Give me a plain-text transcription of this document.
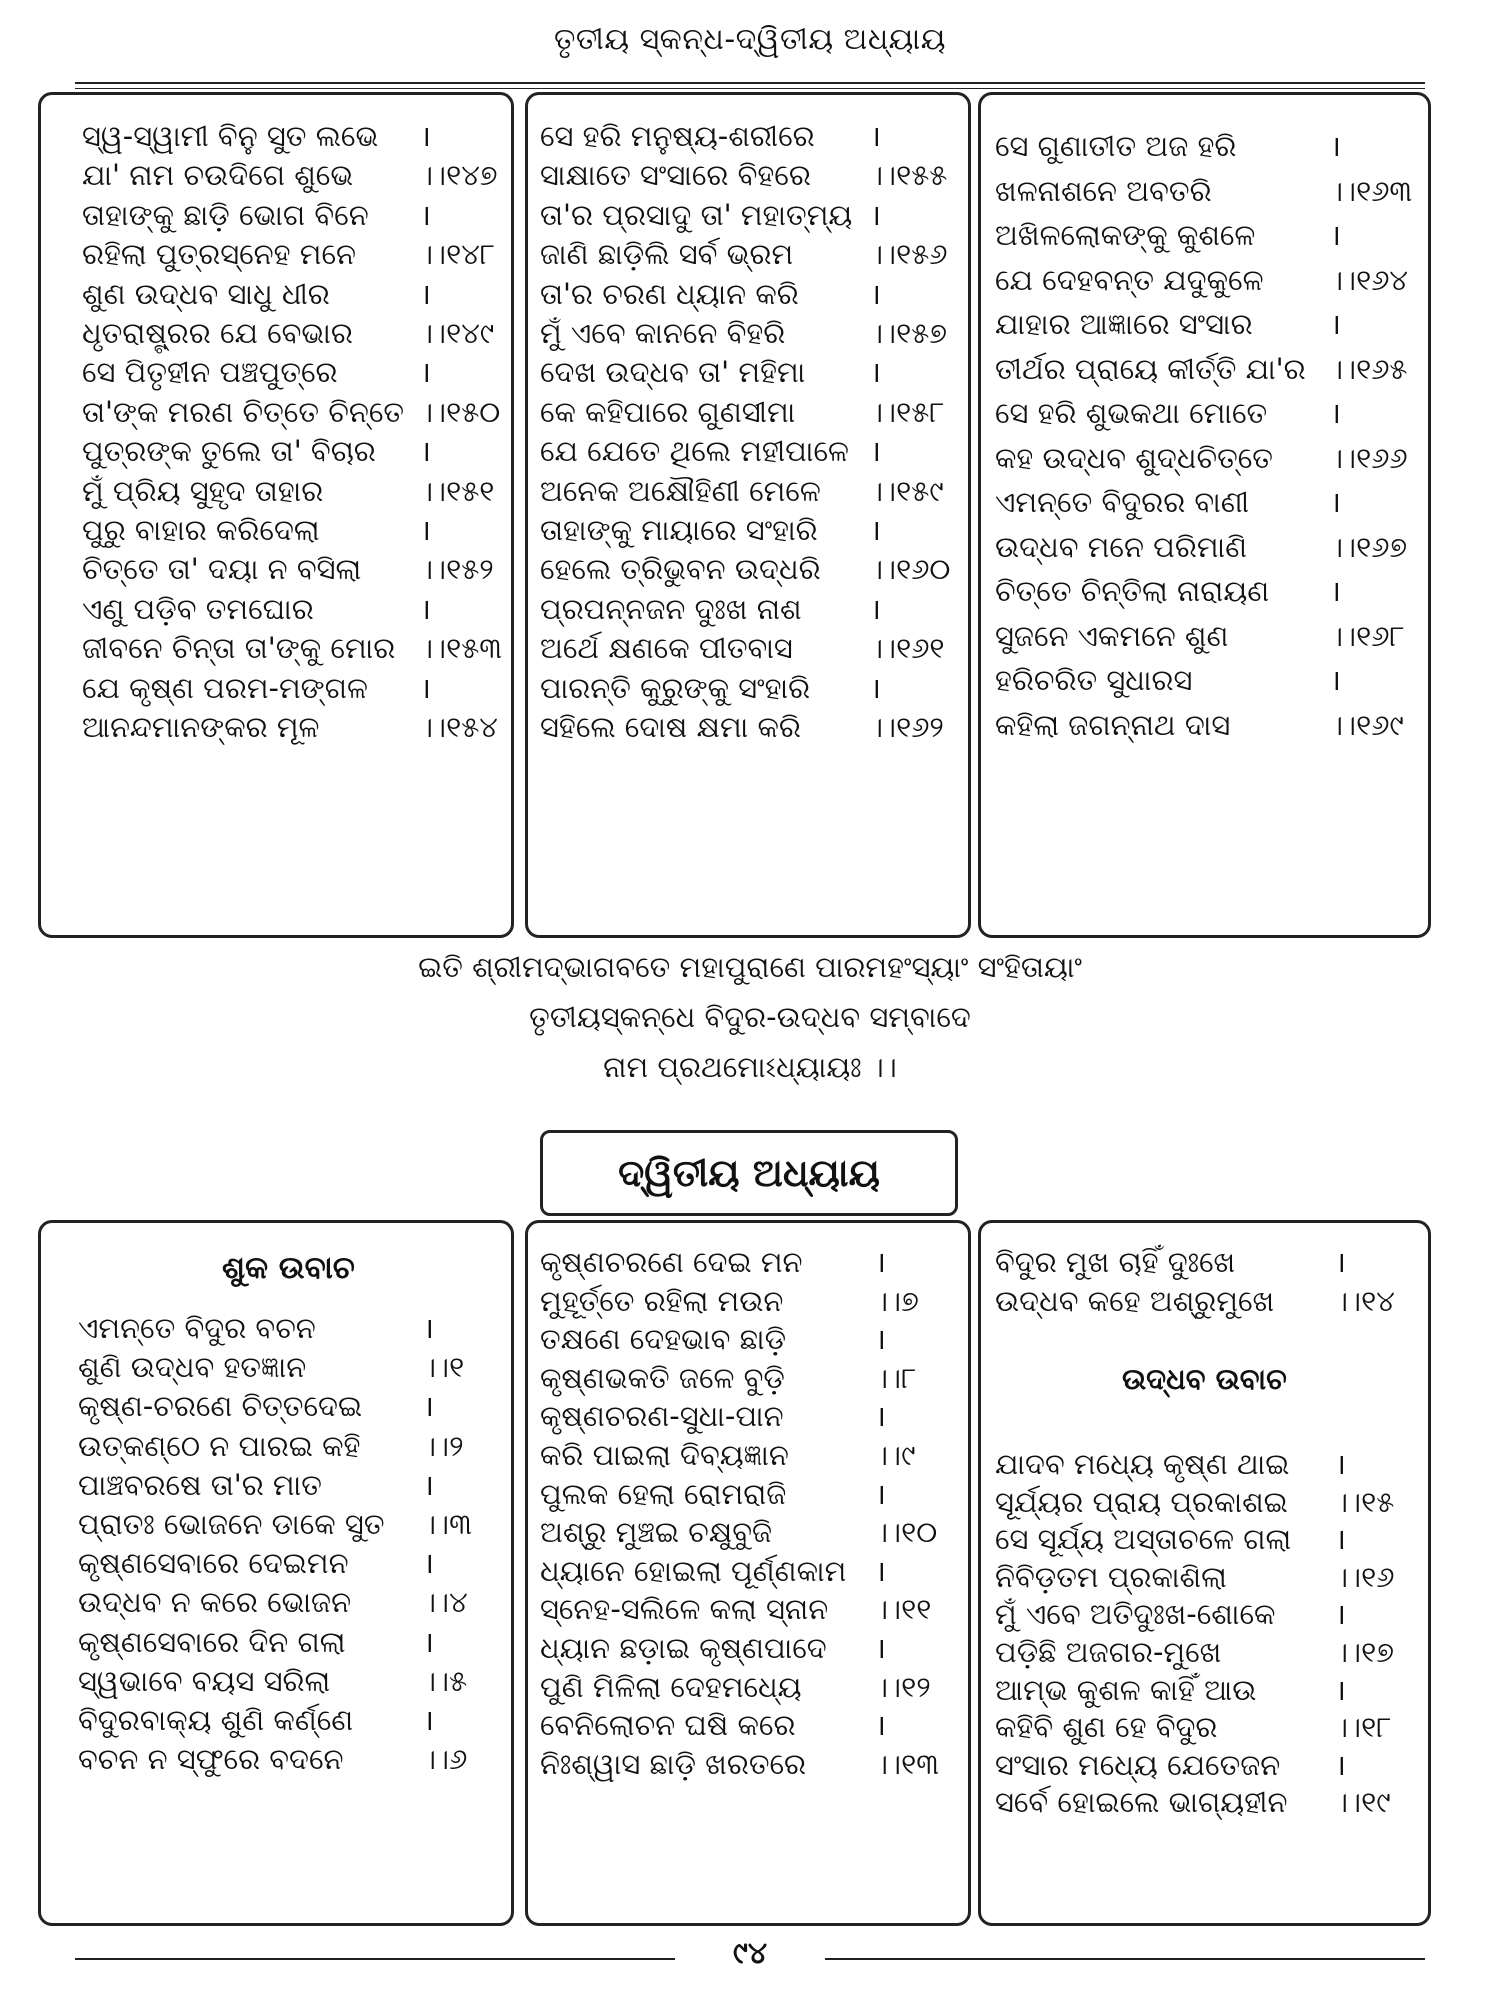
ତୃତୀୟ ସ୍କନ୍ଧ-ଦ୍ୱିତୀୟ ଅଧ୍ୟାୟ
ସ୍ୱ-ସ୍ୱାମୀ ବିନୁ ସୁତ ଲଭେ ।
ଯା' ନାମ ଚଉଦିଗେ ଶୁଭେ ।।୧୪୭
ତାହାଙ୍କୁ ଛାଡ଼ି ଭୋଗ ବିନେ ।
ରହିଲା ପୁତ୍ରସ୍ନେହ ମନେ ।।୧୪୮
ଶୁଣ ଉଦ୍ଧବ ସାଧୁ ଧୀର	।
ଧୃତରାଷ୍ଟ୍ରର ଯେ ବେଭାର ।।୧୪୯
ସେ ପିତୃହୀନ ପଞ୍ଚପୁତ୍ରେ	।
ତା'ଙ୍କ ମରଣ ଚିତ୍ତେ ଚିନ୍ତେ ।।୧୫୦
ପୁତ୍ରଙ୍କ ତୁଲେ ତା' ବିଚାର ।
ମୁଁ ପ୍ରିୟ ସୁହୃଦ ତାହାର	।।୧୫୧
ପୁରୁ ବାହାର କରିଦେଲା	।
ଚିତ୍ତେ ତା' ଦୟା ନ ବସିଲା ।।୧୫୨
ଏଣୁ ପଡ଼ିବ ତମଘୋର	।
ଜୀବନେ ଚିନ୍ତା ତା'ଙ୍କୁ ମୋର ।।୧୫୩
ଯେ କୃଷ୍ଣ ପରମ-ମଙ୍ଗଳ ।
ଆନନ୍ଦମାନଙ୍କର ମୂଳ	।।୧୫୪
ସେ ହରି ମନୁଷ୍ୟ-ଶରୀରେ ।
ସାକ୍ଷାତେ ସଂସାରେ ବିହରେ ।।୧୫୫
ତା'ର ପ୍ରସାଦୁ ତା' ମହାତ୍ମ୍ୟ ।
ଜାଣି ଛାଡ଼ିଲି ସର୍ବ ଭ୍ରମ	।।୧୫୬
ତା'ର ଚରଣ ଧ୍ୟାନ କରି ।
ମୁଁ ଏବେ କାନନେ ବିହରି	।।୧୫୭
ଦେଖ ଉଦ୍ଧବ ତା' ମହିମା ।
କେ କହିପାରେ ଗୁଣସୀମା	।।୧୫୮
ଯେ ଯେତେ ଥିଲେ ମହୀପାଳେ ।
ଅନେକ ଅକ୍ଷୌହିଣୀ ମେଳେ ।।୧୫୯
ତାହାଙ୍କୁ ମାୟାରେ ସଂହାରି ।
ହେଲେ ତ୍ରିଭୁବନ ଉଦ୍ଧରି ।।୧୬୦
ପ୍ରପନ୍ନଜନ ଦୁଃଖ ନାଶ ।
ଅର୍ଥେ କ୍ଷଣକେ ପୀତବାସ	।।୧୬୧
ପାରନ୍ତି କୁରୁଙ୍କୁ ସଂହାରି ।
ସହିଲେ ଦୋଷ କ୍ଷମା କରି ।।୧୬୨
ସେ ଗୁଣାତୀତ ଅଜ ହରି	।
ଖଳନାଶନେ ଅବତରି	।।୧୬୩
ଅଖିଳଲୋକଙ୍କୁ କୁଶଳେ	।
ଯେ ଦେହବନ୍ତ ଯଦୁକୁଳେ ।।୧୬୪
ଯାହାର ଆଜ୍ଞାରେ ସଂସାର	।
ତୀର୍ଥର ପ୍ରାୟେ କୀର୍ତ୍ତି ଯା'ର ।।୧୬୫
ସେ ହରି ଶୁଭକଥା ମୋତେ ।
କହ ଉଦ୍ଧବ ଶୁଦ୍ଧଚିତ୍ତେ ।।୧୬୬
ଏମନ୍ତେ ବିଦୁରର ବାଣୀ	।
ଉଦ୍ଧବ ମନେ ପରିମାଣି	।।୧୬୭
ଚିତ୍ତେ ଚିନ୍ତିଲା ନାରାୟଣ ।
ସୁଜନେ ଏକମନେ ଶୁଣ	।।୧୬୮
ହରିଚରିତ ସୁଧାରସ	।
କହିଲା ଜଗନ୍ନାଥ ଦାସ	।।୧୬୯
ଇତି ଶ୍ରୀମଦ୍‌ଭାଗବତେ ମହାପୁରାଣେ ପାରମହଂସ୍ୟାଂ ସଂହିତାୟାଂ
ତୃତୀୟସ୍କନ୍ଧେ ବିଦୁର-ଉଦ୍ଧବ ସମ୍ବାଦେ
ନାମ ପ୍ରଥମୋଽଧ୍ୟାୟଃ ।।
ଦ୍ୱିତୀୟ ଅଧ୍ୟାୟ
ଶୁକ ଉବାଚ
ଏମନ୍ତେ ବିଦୁର ବଚନ	।
ଶୁଣି ଉଦ୍ଧବ ହତଜ୍ଞାନ	।।୧
କୃଷ୍ଣ-ଚରଣେ ଚିତ୍ତଦେଇ ।
ଉତ୍କଣ୍ଠେ ନ ପାରଇ କହି ।।୨
ପାଞ୍ଚବରଷେ ତା'ର ମାତ	।
ପ୍ରାତଃ ଭୋଜନେ ଡାକେ ସୁତ ।।୩
କୃଷ୍ଣସେବାରେ ଦେଇମନ	।
ଉଦ୍ଧବ ନ କରେ ଭୋଜନ ।।୪
କୃଷ୍ଣସେବାରେ ଦିନ ଗଲା	।
ସ୍ୱଭାବେ ବୟସ ସରିଲା	।।୫
ବିଦୁରବାକ୍ୟ ଶୁଣି କର୍ଣ୍ଣେ ।
ବଚନ ନ ସ୍ଫୁରେ ବଦନେ	।।୬
କୃଷ୍ଣଚରଣେ ଦେଇ ମନ ।
ମୁହୂର୍ତ୍ତେ ରହିଲା ମଉନ	।।୭
ତକ୍ଷଣେ ଦେହଭାବ ଛାଡ଼ି	।
କୃଷ୍ଣଭକତି ଜଳେ ବୁଡ଼ି	।।୮
କୃଷ୍ଣଚରଣ-ସୁଧା-ପାନ	।
କରି ପାଇଲା ଦିବ୍ୟଜ୍ଞାନ	।।୯
ପୁଲକ ହେଲା ରୋମରାଜି	।
ଅଶ୍ରୁ ମୁଞ୍ଚଇ ଚକ୍ଷୁବୁଜି	।।୧୦
ଧ୍ୟାନେ ହୋଇଲା ପୂର୍ଣ୍ଣକାମ ।
ସ୍ନେହ-ସଲିଳେ କଲା ସ୍ନାନ ।।୧୧
ଧ୍ୟାନ ଛଡ଼ାଇ କୃଷ୍ଣପାଦେ ।
ପୁଣି ମିଳିଲା ଦେହମଧ୍ୟେ	।।୧୨
ବେନିଲୋଚନ ଘଷି କରେ	।
ନିଃଶ୍ୱାସ ଛାଡ଼ି ଖରତରେ ।।୧୩
ବିଦୁର ମୁଖ ଚାହିଁ ଦୁଃଖେ	।
ଉଦ୍ଧବ କହେ ଅଶ୍ରୁମୁଖେ ।।୧୪
ଉଦ୍ଧବ ଉବାଚ
ଯାଦବ ମଧ୍ୟେ କୃଷ୍ଣ ଥାଇ ।
ସୂର୍ଯ୍ୟର ପ୍ରାୟ ପ୍ରକାଶଇ ।।୧୫
ସେ ସୂର୍ଯ୍ୟ ଅସ୍ତାଚଳେ ଗଲା ।
ନିବିଡ଼ତମ ପ୍ରକାଶିଲା	।।୧୬
ମୁଁ ଏବେ ଅତିଦୁଃଖ-ଶୋକେ ।
ପଡ଼ିଛି ଅଜଗର-ମୁଖେ	।।୧୭
ଆମ୍ଭ କୁଶଳ କାହିଁ ଆଉ	।
କହିବି ଶୁଣ ହେ ବିଦୁର	।।୧୮
ସଂସାର ମଧ୍ୟେ ଯେତେଜନ ।
ସର୍ବେ ହୋଇଲେ ଭାଗ୍ୟହୀନ ।।୧୯
୯୪
